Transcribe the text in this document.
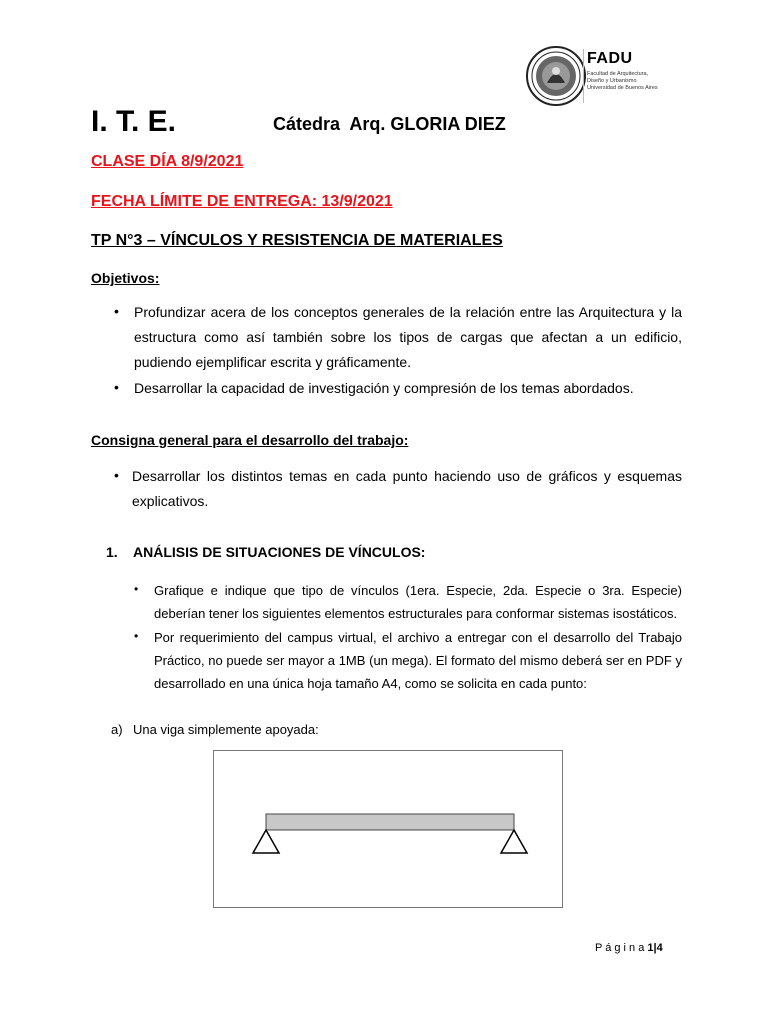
FADU
Facultad de Arquitectura,
Diseño y Urbanismo
Universidad de Buenos Aires
I. T. E.	Cátedra  Arq. GLORIA DIEZ
CLASE DÍA 8/9/2021
FECHA LÍMITE DE ENTREGA: 13/9/2021
TP N°3 – VÍNCULOS Y RESISTENCIA DE MATERIALES
Objetivos:
• Profundizar acera de los conceptos generales de la relación entre las Arquitectura y la estructura como así también sobre los tipos de cargas que afectan a un edificio, pudiendo ejemplificar escrita y gráficamente.
• Desarrollar la capacidad de investigación y compresión de los temas abordados.
Consigna general para el desarrollo del trabajo:
• Desarrollar los distintos temas en cada punto haciendo uso de gráficos y esquemas explicativos.
1. ANÁLISIS DE SITUACIONES DE VÍNCULOS:
• Grafique e indique que tipo de vínculos (1era. Especie, 2da. Especie o 3ra. Especie) deberían tener los siguientes elementos estructurales para conformar sistemas isostáticos.
• Por requerimiento del campus virtual, el archivo a entregar con el desarrollo del Trabajo Práctico, no puede ser mayor a 1MB (un mega). El formato del mismo deberá ser en PDF y desarrollado en una única hoja tamaño A4, como se solicita en cada punto:
a) Una viga simplemente apoyada:
P á g i n a 1|4
